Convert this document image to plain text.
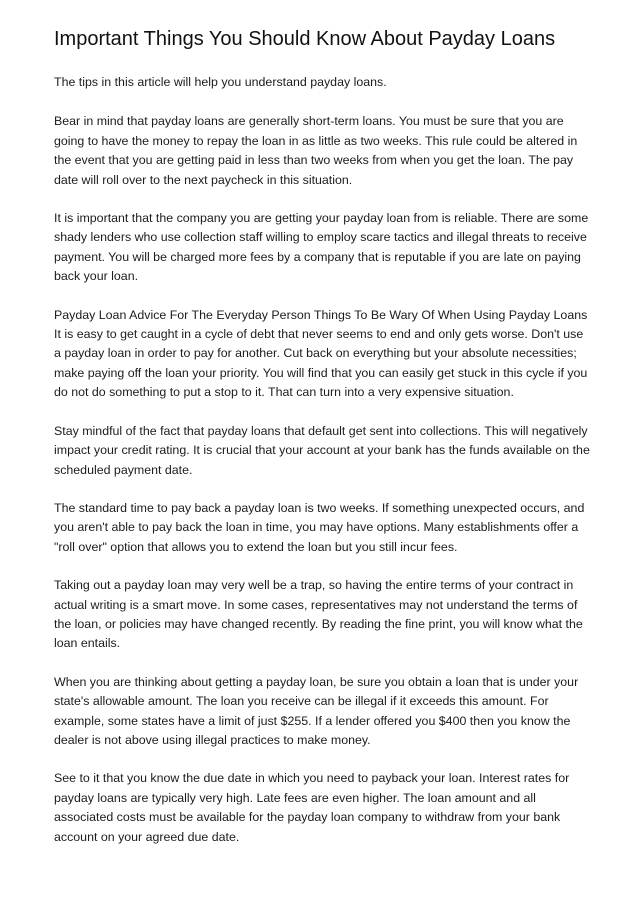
Important Things You Should Know About Payday Loans

The tips in this article will help you understand payday loans.

Bear in mind that payday loans are generally short-term loans. You must be sure that you are going to have the money to repay the loan in as little as two weeks. This rule could be altered in the event that you are getting paid in less than two weeks from when you get the loan. The pay date will roll over to the next paycheck in this situation.

It is important that the company you are getting your payday loan from is reliable. There are some shady lenders who use collection staff willing to employ scare tactics and illegal threats to receive payment. You will be charged more fees by a company that is reputable if you are late on paying back your loan.

Payday Loan Advice For The Everyday Person Things To Be Wary Of When Using Payday Loans It is easy to get caught in a cycle of debt that never seems to end and only gets worse. Don't use a payday loan in order to pay for another. Cut back on everything but your absolute necessities; make paying off the loan your priority. You will find that you can easily get stuck in this cycle if you do not do something to put a stop to it. That can turn into a very expensive situation.

Stay mindful of the fact that payday loans that default get sent into collections. This will negatively impact your credit rating. It is crucial that your account at your bank has the funds available on the scheduled payment date.

The standard time to pay back a payday loan is two weeks. If something unexpected occurs, and you aren't able to pay back the loan in time, you may have options. Many establishments offer a "roll over" option that allows you to extend the loan but you still incur fees.

Taking out a payday loan may very well be a trap, so having the entire terms of your contract in actual writing is a smart move. In some cases, representatives may not understand the terms of the loan, or policies may have changed recently. By reading the fine print, you will know what the loan entails.

When you are thinking about getting a payday loan, be sure you obtain a loan that is under your state's allowable amount. The loan you receive can be illegal if it exceeds this amount. For example, some states have a limit of just $255. If a lender offered you $400 then you know the dealer is not above using illegal practices to make money.

See to it that you know the due date in which you need to payback your loan. Interest rates for payday loans are typically very high. Late fees are even higher. The loan amount and all associated costs must be available for the payday loan company to withdraw from your bank account on your agreed due date.
